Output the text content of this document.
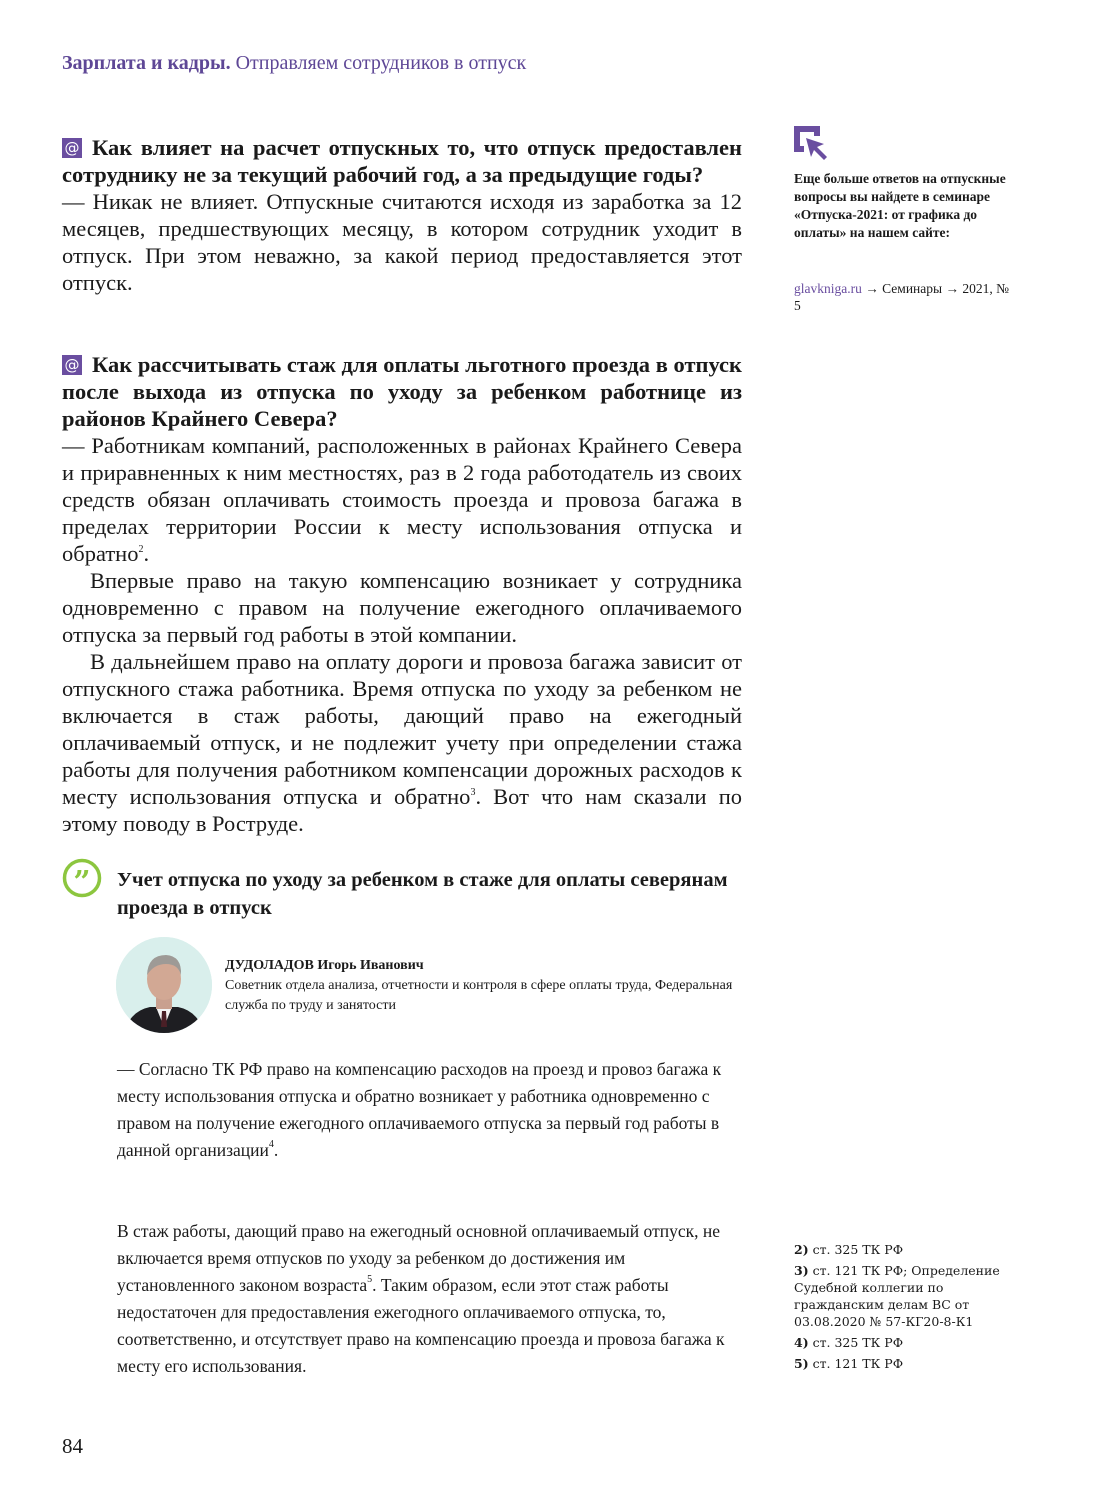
Зарплата и кадры. Отправляем сотрудников в отпуск
@ Как влияет на расчет отпускных то, что отпуск предоставлен сотруднику не за текущий рабочий год, а за предыдущие годы?
— Никак не влияет. Отпускные считаются исходя из заработка за 12 месяцев, предшествующих месяцу, в котором сотрудник уходит в отпуск. При этом неважно, за какой период предоставляется этот отпуск.
@ Как рассчитывать стаж для оплаты льготного проезда в отпуск после выхода из отпуска по уходу за ребенком работнице из районов Крайнего Севера?
— Работникам компаний, расположенных в районах Крайнего Севера и приравненных к ним местностях, раз в 2 года работодатель из своих средств обязан оплачивать стоимость проезда и провоза багажа в пределах территории России к месту использования отпуска и обратно$^2$.
Впервые право на такую компенсацию возникает у сотрудника одновременно с правом на получение ежегодного оплачиваемого отпуска за первый год работы в этой компании.
В дальнейшем право на оплату дороги и провоза багажа зависит от отпускного стажа работника. Время отпуска по уходу за ребенком не включается в стаж работы, дающий право на ежегодный оплачиваемый отпуск, и не подлежит учету при определении стажа работы для получения работником компенсации дорожных расходов к месту использования отпуска и обратно$^3$. Вот что нам сказали по этому поводу в Роструде.
Еще больше ответов на отпускные вопросы вы найдете в семинаре «Отпуска-2021: от графика до оплаты» на нашем сайте:
glavkniga.ru → Семинары → 2021, № 5
” Учет отпуска по уходу за ребенком в стаже для оплаты северянам проезда в отпуск
ДУДОЛАДОВ Игорь Иванович
Советник отдела анализа, отчетности и контроля в сфере оплаты труда, Федеральная служба по труду и занятости
— Согласно ТК РФ право на компенсацию расходов на проезд и провоз багажа к месту использования отпуска и обратно возникает у работника одновременно с правом на получение ежегодного оплачиваемого отпуска за первый год работы в данной организации$^4$.
В стаж работы, дающий право на ежегодный основной оплачиваемый отпуск, не включается время отпусков по уходу за ребенком до достижения им установленного законом возраста$^5$. Таким образом, если этот стаж работы недостаточен для предоставления ежегодного оплачиваемого отпуска, то, соответственно, и отсутствует право на компенсацию проезда и провоза багажа к месту его использования.
2) ст. 325 ТК РФ
3) ст. 121 ТК РФ; Определение Судебной коллегии по гражданским делам ВС от 03.08.2020 № 57-КГ20-8-К1
4) ст. 325 ТК РФ
5) ст. 121 ТК РФ
84
